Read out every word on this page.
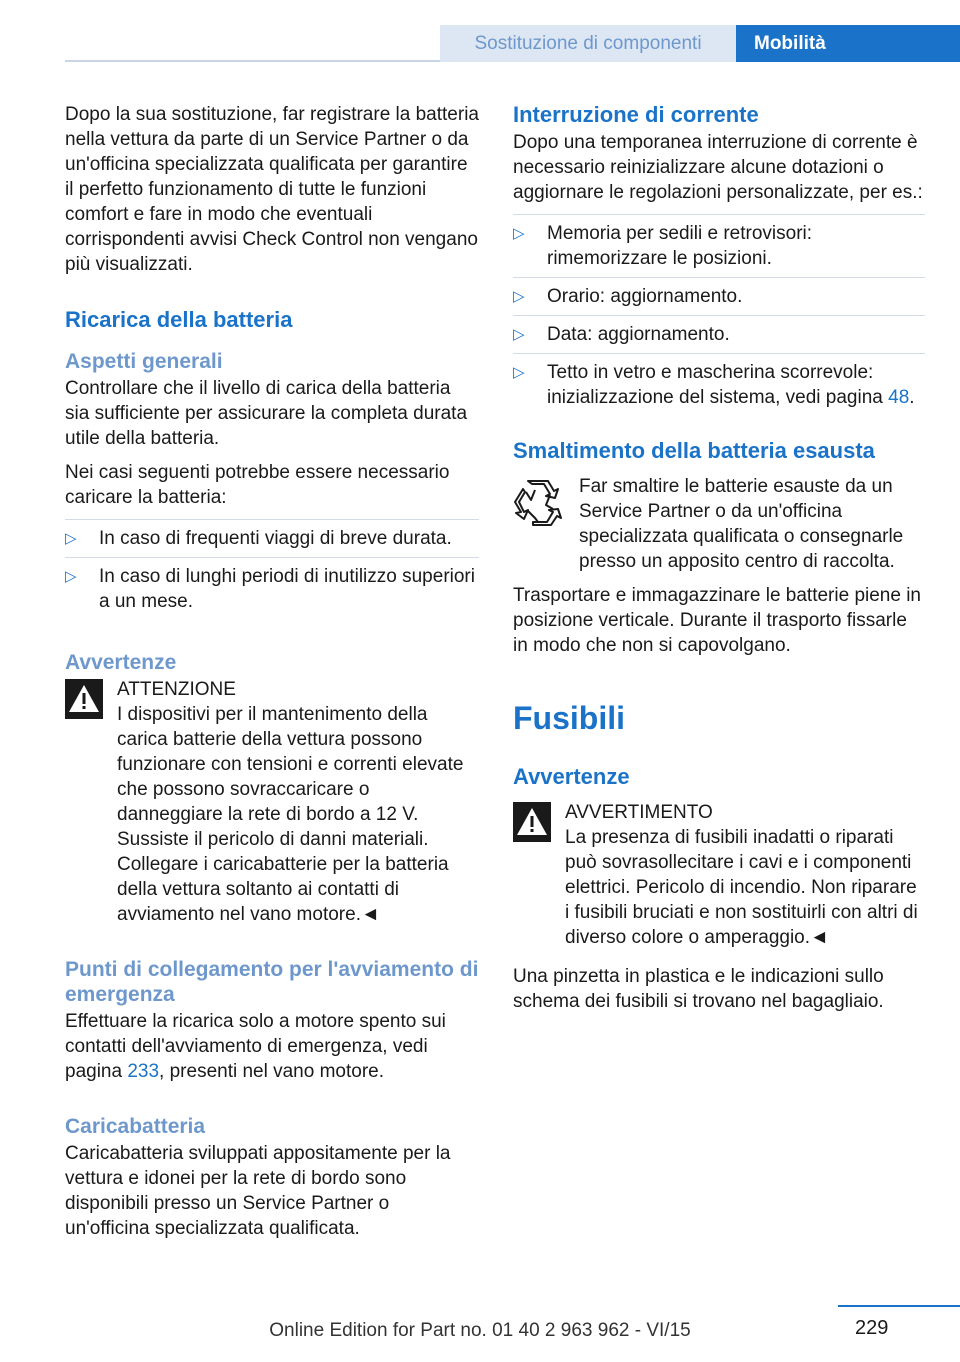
Sostituzione di componenti	Mobilità

Dopo la sua sostituzione, far registrare la batteria nella vettura da parte di un Service Partner o da un'officina specializzata qualificata per garantire il perfetto funzionamento di tutte le funzioni comfort e fare in modo che eventuali corrispondenti avvisi Check Control non vengano più visualizzati.

Ricarica della batteria
Aspetti generali

Controllare che il livello di carica della batteria sia sufficiente per assicurare la completa durata utile della batteria.

Nei casi seguenti potrebbe essere necessario caricare la batteria:

▷ In caso di frequenti viaggi di breve durata.
▷ In caso di lunghi periodi di inutilizzo superiori a un mese.
Avvertenze
ATTENZIONE
I dispositivi per il mantenimento della carica batterie della vettura possono funzionare con tensioni e correnti elevate che possono sovraccaricare o danneggiare la rete di bordo a 12 V. Sussiste il pericolo di danni materiali. Collegare i caricabatterie per la batteria della vettura soltanto ai contatti di avviamento nel vano motore.◄
Punti di collegamento per l'avviamento di emergenza

Effettuare la ricarica solo a motore spento sui contatti dell'avviamento di emergenza, vedi pagina 233, presenti nel vano motore.

Caricabatteria

Caricabatteria sviluppati appositamente per la vettura e idonei per la rete di bordo sono disponibili presso un Service Partner o un'officina specializzata qualificata.

Interruzione di corrente

Dopo una temporanea interruzione di corrente è necessario reinizializzare alcune dotazioni o aggiornare le regolazioni personalizzate, per es.:

▷ Memoria per sedili e retrovisori: rimemorizzare le posizioni.
▷ Orario: aggiornamento.
▷ Data: aggiornamento.
▷ Tetto in vetro e mascherina scorrevole: inizializzazione del sistema, vedi pagina 48.
Smaltimento della batteria esausta
Far smaltire le batterie esauste da un Service Partner o da un'officina specializzata qualificata o consegnarle presso un apposito centro di raccolta.

Trasportare e immagazzinare le batterie piene in posizione verticale. Durante il trasporto fissarle in modo che non si capovolgano.

Fusibili
Avvertenze
AVVERTIMENTO
La presenza di fusibili inadatti o riparati può sovrasollecitare i cavi e i componenti elettrici. Pericolo di incendio. Non riparare i fusibili bruciati e non sostituirli con altri di diverso colore o amperaggio.◄

Una pinzetta in plastica e le indicazioni sullo schema dei fusibili si trovano nel bagagliaio.

229
Online Edition for Part no. 01 40 2 963 962 - VI/15
